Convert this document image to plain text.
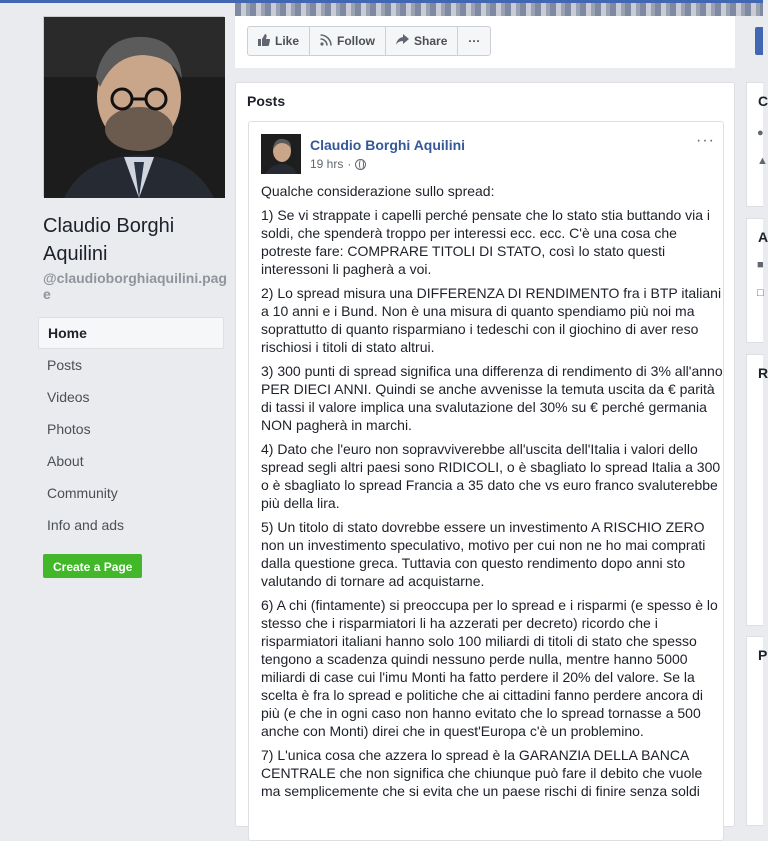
Claudio Borghi Aquilini
@claudioborghiaquilini.page
Home
Posts
Videos
Photos
About
Community
Info and ads
Create a Page
Like	Follow	Share ···
Posts
Claudio Borghi Aquilini
19 hrs ·
···

Qualche considerazione sullo spread:

1) Se vi strappate i capelli perché pensate che lo stato stia buttando via i soldi, che spenderà troppo per interessi ecc. ecc. C'è una cosa che potreste fare: COMPRARE TITOLI DI STATO, così lo stato questi interessoni li pagherà a voi.

2) Lo spread misura una DIFFERENZA DI RENDIMENTO fra i BTP italiani a 10 anni e i Bund. Non è una misura di quanto spendiamo più noi ma soprattutto di quanto risparmiano i tedeschi con il giochino di aver reso rischiosi i titoli di stato altrui.

3) 300 punti di spread significa una differenza di rendimento di 3% all'anno PER DIECI ANNI. Quindi se anche avvenisse la temuta uscita da € parità di tassi il valore implica una svalutazione del 30% su € perché germania NON pagherà in marchi.

4) Dato che l'euro non sopravviverebbe all'uscita dell'Italia i valori dello spread segli altri paesi sono RIDICOLI, o è sbagliato lo spread Italia a 300 o è sbagliato lo spread Francia a 35 dato che vs euro franco svaluterebbe più della lira.

5) Un titolo di stato dovrebbe essere un investimento A RISCHIO ZERO non un investimento speculativo, motivo per cui non ne ho mai comprati dalla questione greca. Tuttavia con questo rendimento dopo anni sto valutando di tornare ad acquistarne.

6) A chi (fintamente) si preoccupa per lo spread e i risparmi (e spesso è lo stesso che i risparmiatori li ha azzerati per decreto) ricordo che i risparmiatori italiani hanno solo 100 miliardi di titoli di stato che spesso tengono a scadenza quindi nessuno perde nulla, mentre hanno 5000 miliardi di case cui l'imu Monti ha fatto perdere il 20% del valore. Se la scelta è fra lo spread e politiche che ai cittadini fanno perdere ancora di più (e che in ogni caso non hanno evitato che lo spread tornasse a 500 anche con Monti) direi che in quest'Europa c'è un problemino.

7) L'unica cosa che azzera lo spread è la GARANZIA DELLA BANCA CENTRALE che non significa che chiunque può fare il debito che vuole ma semplicemente che si evita che un paese rischi di finire senza soldi

C
●
▲
A
■
□
R
P
